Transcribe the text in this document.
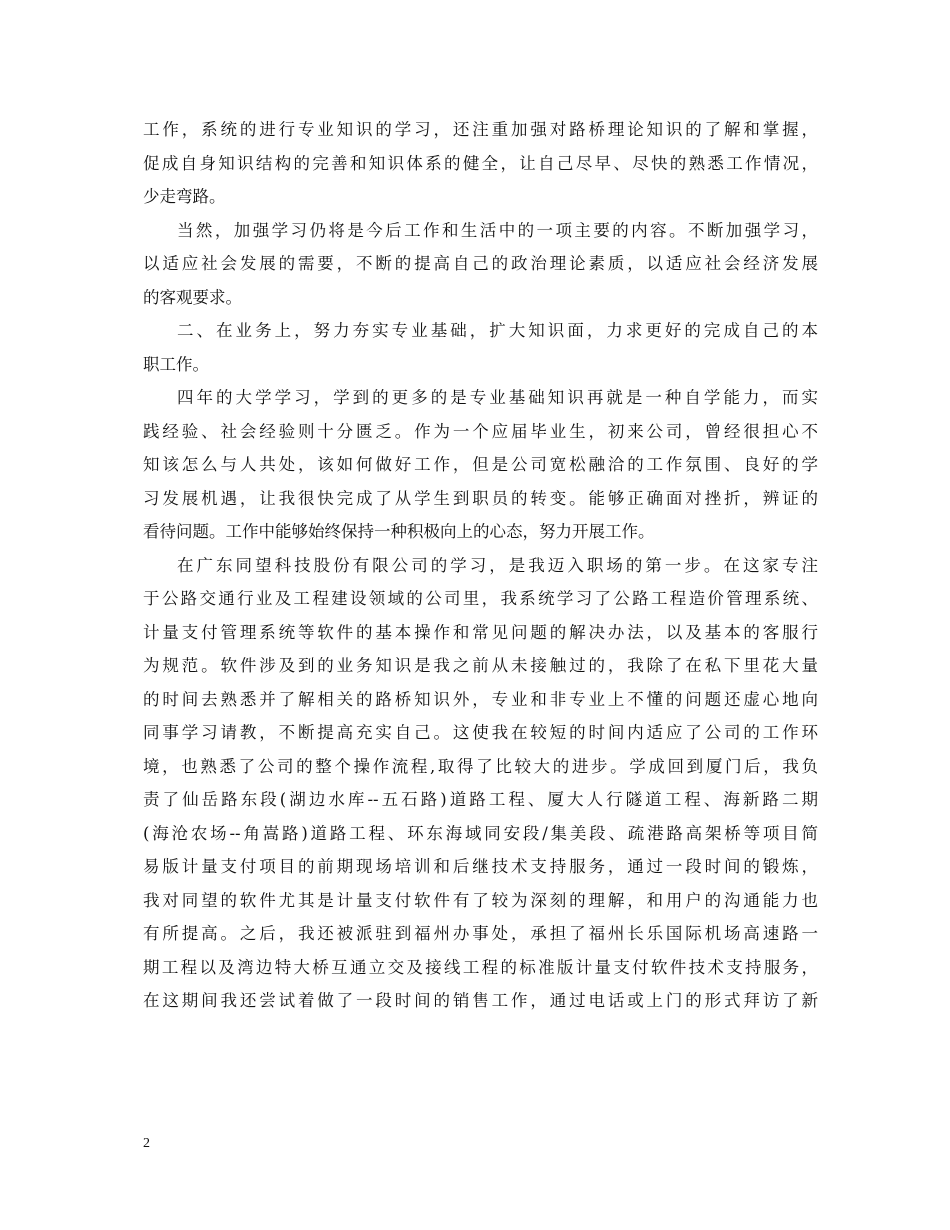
工作，系统的进行专业知识的学习，还注重加强对路桥理论知识的了解和掌握，
促成自身知识结构的完善和知识体系的健全，让自己尽早、尽快的熟悉工作情况，
少走弯路。
当然，加强学习仍将是今后工作和生活中的一项主要的内容。不断加强学习，
以适应社会发展的需要，不断的提高自己的政治理论素质，以适应社会经济发展
的客观要求。
二、在业务上，努力夯实专业基础，扩大知识面，力求更好的完成自己的本
职工作。
四年的大学学习，学到的更多的是专业基础知识再就是一种自学能力，而实
践经验、社会经验则十分匮乏。作为一个应届毕业生，初来公司，曾经很担心不
知该怎么与人共处，该如何做好工作，但是公司宽松融洽的工作氛围、良好的学
习发展机遇，让我很快完成了从学生到职员的转变。能够正确面对挫折，辨证的
看待问题。工作中能够始终保持一种积极向上的心态，努力开展工作。
在广东同望科技股份有限公司的学习，是我迈入职场的第一步。在这家专注
于公路交通行业及工程建设领域的公司里，我系统学习了公路工程造价管理系统、
计量支付管理系统等软件的基本操作和常见问题的解决办法，以及基本的客服行
为规范。软件涉及到的业务知识是我之前从未接触过的，我除了在私下里花大量
的时间去熟悉并了解相关的路桥知识外，专业和非专业上不懂的问题还虚心地向
同事学习请教，不断提高充实自己。这使我在较短的时间内适应了公司的工作环
境，也熟悉了公司的整个操作流程,取得了比较大的进步。学成回到厦门后，我负
责了仙岳路东段(湖边水库--五石路)道路工程、厦大人行隧道工程、海新路二期
(海沧农场--角嵩路)道路工程、环东海域同安段/集美段、疏港路高架桥等项目简
易版计量支付项目的前期现场培训和后继技术支持服务，通过一段时间的锻炼，
我对同望的软件尤其是计量支付软件有了较为深刻的理解，和用户的沟通能力也
有所提高。之后，我还被派驻到福州办事处，承担了福州长乐国际机场高速路一
期工程以及湾边特大桥互通立交及接线工程的标准版计量支付软件技术支持服务，
在这期间我还尝试着做了一段时间的销售工作，通过电话或上门的形式拜访了新
2
